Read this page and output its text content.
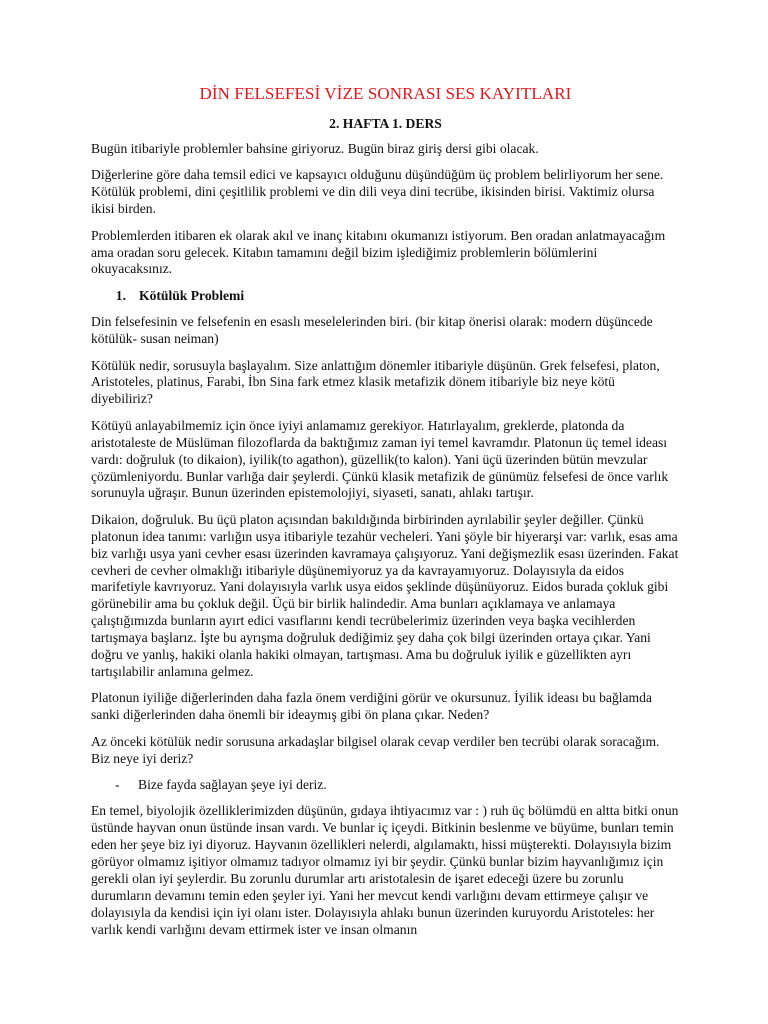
DİN FELSEFESİ VİZE SONRASI SES KAYITLARI
2. HAFTA 1. DERS

Bugün itibariyle problemler bahsine giriyoruz. Bugün biraz giriş dersi gibi olacak.

Diğerlerine göre daha temsil edici ve kapsayıcı olduğunu düşündüğüm üç problem belirliyorum her sene. Kötülük problemi, dini çeşitlilik problemi ve din dili veya dini tecrübe, ikisinden birisi. Vaktimiz olursa ikisi birden.

Problemlerden itibaren ek olarak akıl ve inanç kitabını okumanızı istiyorum. Ben oradan anlatmayacağım ama oradan soru gelecek. Kitabın tamamını değil bizim işlediğimiz problemlerin bölümlerini okuyacaksınız.

1. Kötülük Problemi

Din felsefesinin ve felsefenin en esaslı meselelerinden biri. (bir kitap önerisi olarak: modern düşüncede kötülük- susan neiman)

Kötülük nedir, sorusuyla başlayalım. Size anlattığım dönemler itibariyle düşünün. Grek felsefesi, platon, Aristoteles, platinus, Farabi, İbn Sina fark etmez klasik metafizik dönem itibariyle biz neye kötü diyebiliriz?

Kötüyü anlayabilmemiz için önce iyiyi anlamamız gerekiyor. Hatırlayalım, greklerde, platonda da aristotaleste de Müslüman filozoflarda da baktığımız zaman iyi temel kavramdır. Platonun üç temel ideası vardı: doğruluk (to dikaion), iyilik(to agathon), güzellik(to kalon). Yani üçü üzerinden bütün mevzular çözümleniyordu. Bunlar varlığa dair şeylerdi. Çünkü klasik metafizik de günümüz felsefesi de önce varlık sorunuyla uğraşır. Bunun üzerinden epistemolojiyi, siyaseti, sanatı, ahlakı tartışır.

Dikaion, doğruluk. Bu üçü platon açısından bakıldığında birbirinden ayrılabilir şeyler değiller. Çünkü platonun idea tanımı: varlığın usya itibariyle tezahür vecheleri. Yani şöyle bir hiyerarşi var: varlık, esas ama biz varlığı usya yani cevher esası üzerinden kavramaya çalışıyoruz. Yani değişmezlik esası üzerinden. Fakat cevheri de cevher olmaklığı itibariyle düşünemiyoruz ya da kavrayamıyoruz. Dolayısıyla da eidos marifetiyle kavrıyoruz. Yani dolayısıyla varlık usya eidos şeklinde düşünüyoruz. Eidos burada çokluk gibi görünebilir ama bu çokluk değil. Üçü bir birlik halindedir. Ama bunları açıklamaya ve anlamaya çalıştığımızda bunların ayırt edici vasıflarını kendi tecrübelerimiz üzerinden veya başka vecihlerden tartışmaya başlarız. İşte bu ayrışma doğruluk dediğimiz şey daha çok bilgi üzerinden ortaya çıkar. Yani doğru ve yanlış, hakiki olanla hakiki olmayan, tartışması. Ama bu doğruluk iyilik e güzellikten ayrı tartışılabilir anlamına gelmez.

Platonun iyiliğe diğerlerinden daha fazla önem verdiğini görür ve okursunuz. İyilik ideası bu bağlamda sanki diğerlerinden daha önemli bir ideaymış gibi ön plana çıkar. Neden?

Az önceki kötülük nedir sorusuna arkadaşlar bilgisel olarak cevap verdiler ben tecrübi olarak soracağım. Biz neye iyi deriz?

-	Bize fayda sağlayan şeye iyi deriz.

En temel, biyolojik özelliklerimizden düşünün, gıdaya ihtiyacımız var : ) ruh üç bölümdü en altta bitki onun üstünde hayvan onun üstünde insan vardı. Ve bunlar iç içeydi. Bitkinin beslenme ve büyüme, bunları temin eden her şeye biz iyi diyoruz. Hayvanın özellikleri nelerdi, algılamaktı, hissi müşterekti. Dolayısıyla bizim görüyor olmamız işitiyor olmamız tadıyor olmamız iyi bir şeydir. Çünkü bunlar bizim hayvanlığımız için gerekli olan iyi şeylerdir. Bu zorunlu durumlar artı aristotalesin de işaret edeceği üzere bu zorunlu durumların devamını temin eden şeyler iyi. Yani her mevcut kendi varlığını devam ettirmeye çalışır ve dolayısıyla da kendisi için iyi olanı ister. Dolayısıyla ahlakı bunun üzerinden kuruyordu Aristoteles: her varlık kendi varlığını devam ettirmek ister ve insan olmanın
